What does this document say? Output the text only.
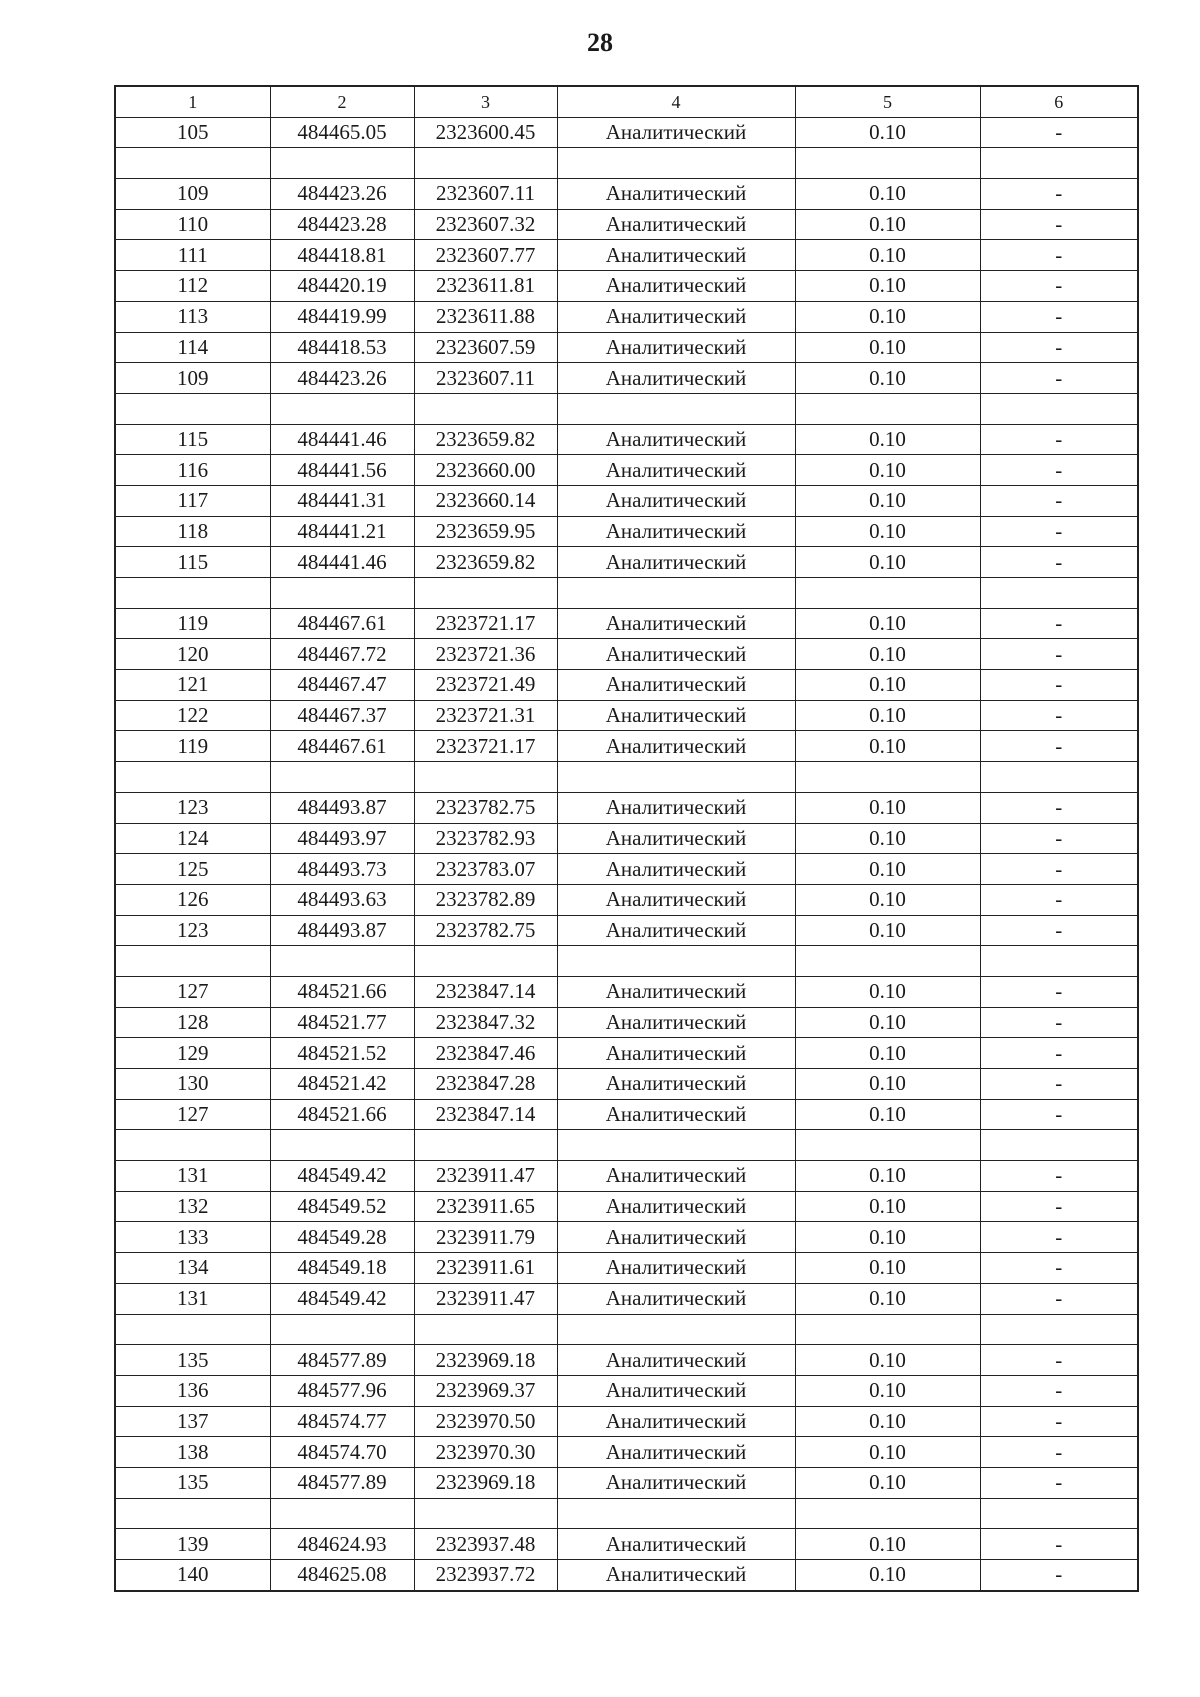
28
1	2	3	4	5	6
105	484465.05	2323600.45	Аналитический	0.10	-

109	484423.26	2323607.11	Аналитический	0.10	-
110	484423.28	2323607.32	Аналитический	0.10	-
111	484418.81	2323607.77	Аналитический	0.10	-
112	484420.19	2323611.81	Аналитический	0.10	-
113	484419.99	2323611.88	Аналитический	0.10	-
114	484418.53	2323607.59	Аналитический	0.10	-
109	484423.26	2323607.11	Аналитический	0.10	-

115	484441.46	2323659.82	Аналитический	0.10	-
116	484441.56	2323660.00	Аналитический	0.10	-
117	484441.31	2323660.14	Аналитический	0.10	-
118	484441.21	2323659.95	Аналитический	0.10	-
115	484441.46	2323659.82	Аналитический	0.10	-

119	484467.61	2323721.17	Аналитический	0.10	-
120	484467.72	2323721.36	Аналитический	0.10	-
121	484467.47	2323721.49	Аналитический	0.10	-
122	484467.37	2323721.31	Аналитический	0.10	-
119	484467.61	2323721.17	Аналитический	0.10	-

123	484493.87	2323782.75	Аналитический	0.10	-
124	484493.97	2323782.93	Аналитический	0.10	-
125	484493.73	2323783.07	Аналитический	0.10	-
126	484493.63	2323782.89	Аналитический	0.10	-
123	484493.87	2323782.75	Аналитический	0.10	-

127	484521.66	2323847.14	Аналитический	0.10	-
128	484521.77	2323847.32	Аналитический	0.10	-
129	484521.52	2323847.46	Аналитический	0.10	-
130	484521.42	2323847.28	Аналитический	0.10	-
127	484521.66	2323847.14	Аналитический	0.10	-

131	484549.42	2323911.47	Аналитический	0.10	-
132	484549.52	2323911.65	Аналитический	0.10	-
133	484549.28	2323911.79	Аналитический	0.10	-
134	484549.18	2323911.61	Аналитический	0.10	-
131	484549.42	2323911.47	Аналитический	0.10	-

135	484577.89	2323969.18	Аналитический	0.10	-
136	484577.96	2323969.37	Аналитический	0.10	-
137	484574.77	2323970.50	Аналитический	0.10	-
138	484574.70	2323970.30	Аналитический	0.10	-
135	484577.89	2323969.18	Аналитический	0.10	-

139	484624.93	2323937.48	Аналитический	0.10	-
140	484625.08	2323937.72	Аналитический	0.10	-
